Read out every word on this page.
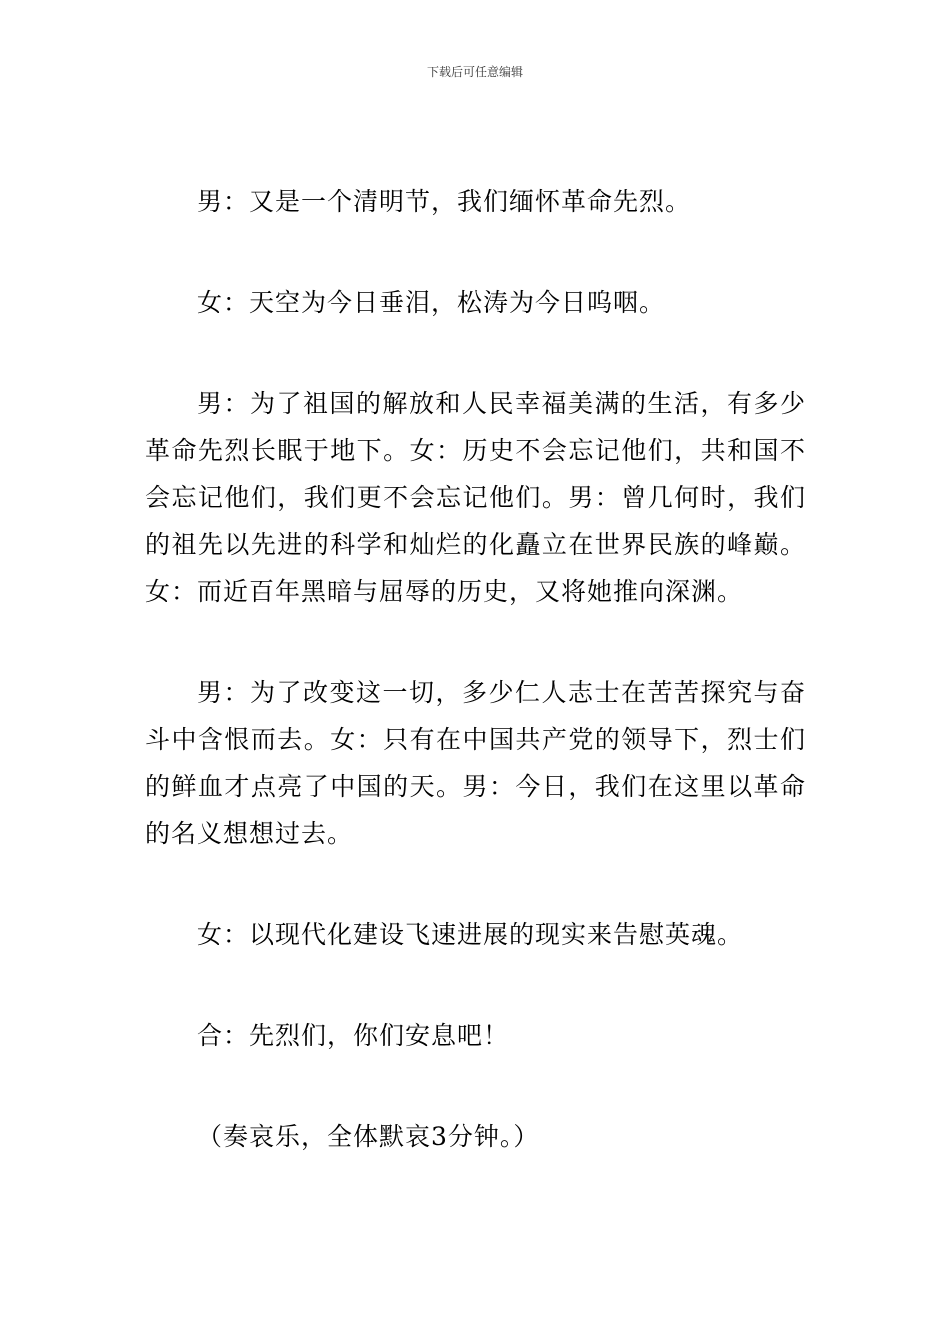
下载后可任意编辑

男：又是一个清明节，我们缅怀革命先烈。

女：天空为今日垂泪，松涛为今日呜咽。

男：为了祖国的解放和人民幸福美满的生活，有多少革命先烈长眠于地下。女：历史不会忘记他们，共和国不会忘记他们，我们更不会忘记他们。男：曾几何时，我们的祖先以先进的科学和灿烂的化矗立在世界民族的峰巅。女：而近百年黑暗与屈辱的历史，又将她推向深渊。

男：为了改变这一切，多少仁人志士在苦苦探究与奋斗中含恨而去。女：只有在中国共产党的领导下，烈士们的鲜血才点亮了中国的天。男：今日，我们在这里以革命的名义想想过去。

女：以现代化建设飞速进展的现实来告慰英魂。

合：先烈们，你们安息吧！

（奏哀乐，全体默哀3分钟。）
